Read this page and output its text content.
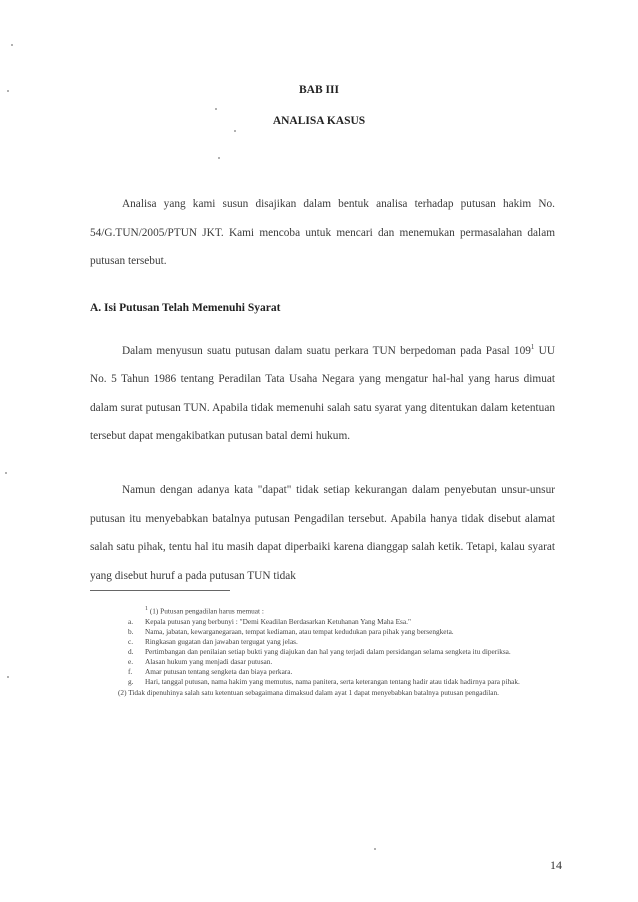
BAB III
ANALISA KASUS
Analisa yang kami susun disajikan dalam bentuk analisa terhadap putusan hakim No. 54/G.TUN/2005/PTUN JKT. Kami mencoba untuk mencari dan menemukan permasalahan dalam putusan tersebut.
A. Isi Putusan Telah Memenuhi Syarat
Dalam menyusun suatu putusan dalam suatu perkara TUN berpedoman pada Pasal $109^1$ UU No. 5 Tahun 1986 tentang Peradilan Tata Usaha Negara yang mengatur hal-hal yang harus dimuat dalam surat putusan TUN. Apabila tidak memenuhi salah satu syarat yang ditentukan dalam ketentuan tersebut dapat mengakibatkan putusan batal demi hukum.
Namun dengan adanya kata "dapat" tidak setiap kekurangan dalam penyebutan unsur-unsur putusan itu menyebabkan batalnya putusan Pengadilan tersebut. Apabila hanya tidak disebut alamat salah satu pihak, tentu hal itu masih dapat diperbaiki karena dianggap salah ketik. Tetapi, kalau syarat yang disebut huruf a pada putusan TUN tidak
$^1$ (1) Putusan pengadilan harus memuat :
a. Kepala putusan yang berbunyi : "Demi Keadilan Berdasarkan Ketuhanan Yang Maha Esa."
b. Nama, jabatan, kewarganegaraan, tempat kediaman, atau tempat kedudukan para pihak yang bersengketa.
c. Ringkasan gugatan dan jawaban tergugat yang jelas.
d. Pertimbangan dan penilaian setiap bukti yang diajukan dan hal yang terjadi dalam persidangan selama sengketa itu diperiksa.
e. Alasan hukum yang menjadi dasar putusan.
f. Amar putusan tentang sengketa dan biaya perkara.
g. Hari, tanggal putusan, nama hakim yang memutus, nama panitera, serta keterangan tentang hadir atau tidak hadirnya para pihak.
(2) Tidak dipenuhinya salah satu ketentuan sebagaimana dimaksud dalam ayat 1 dapat menyebabkan batalnya putusan pengadilan.
14
